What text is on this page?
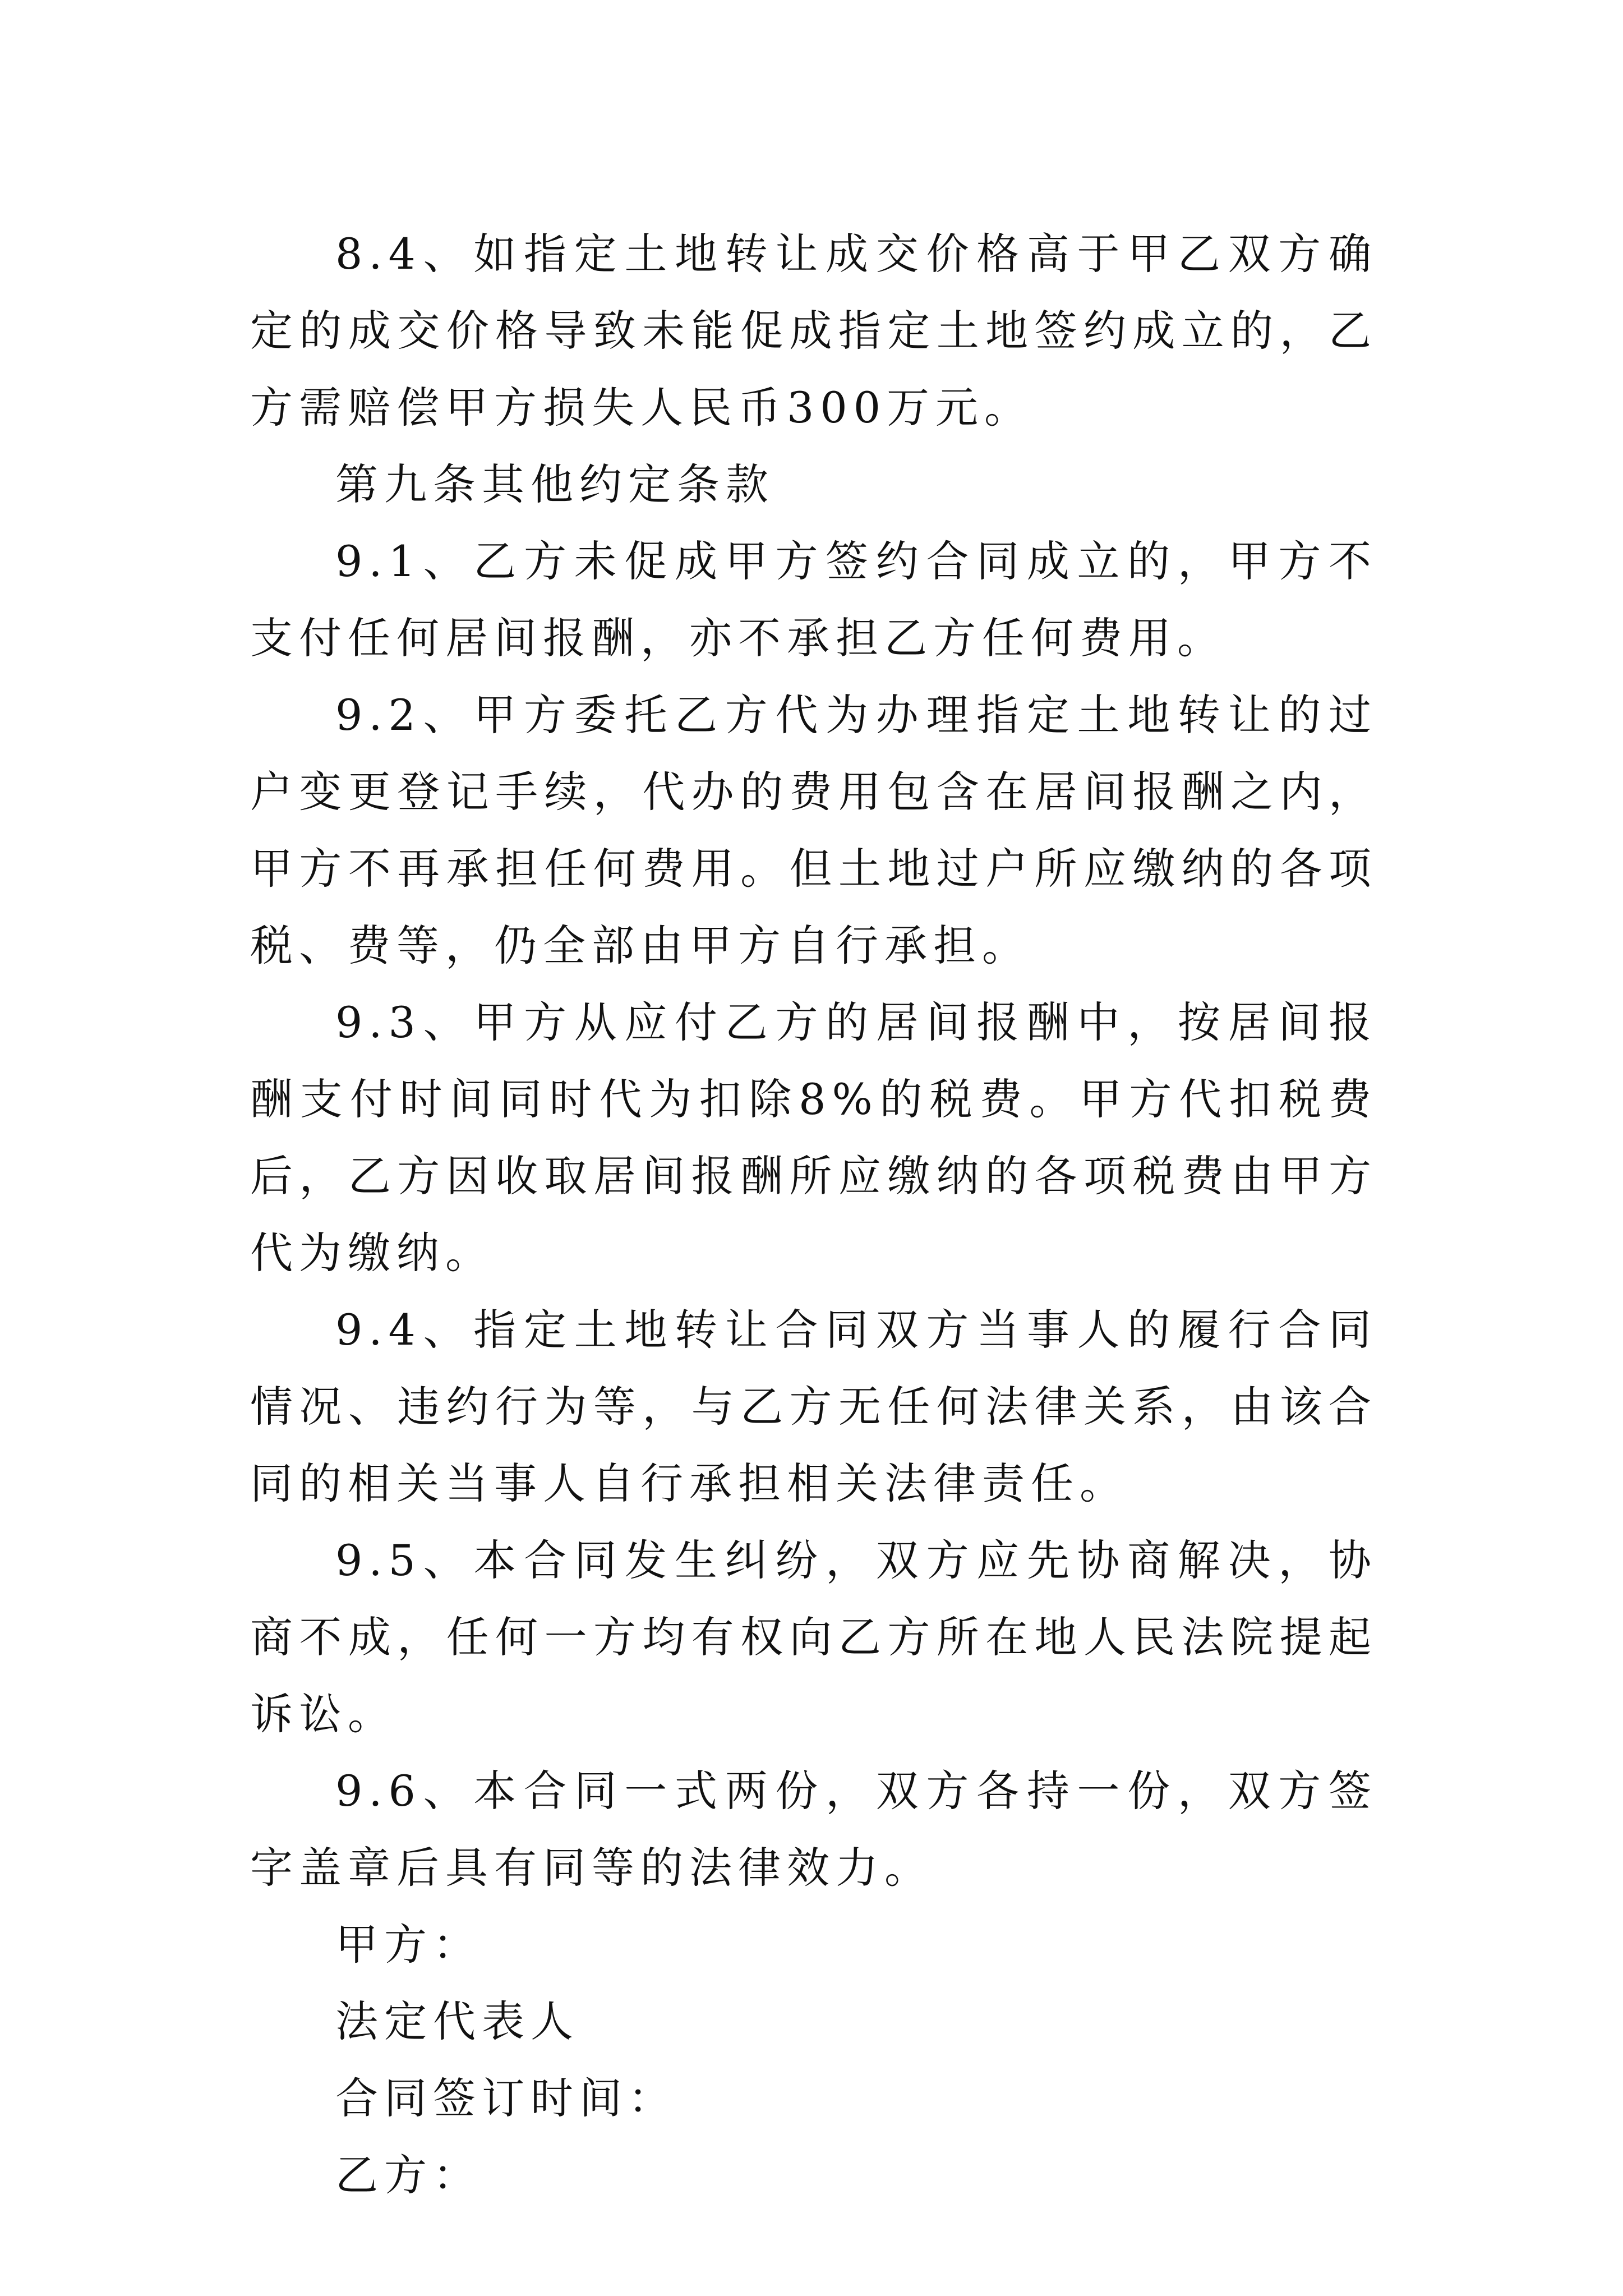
8.4、如指定土地转让成交价格高于甲乙双方确定的成交价格导致未能促成指定土地签约成立的，乙方需赔偿甲方损失人民币300万元。

第九条其他约定条款

9.1、乙方未促成甲方签约合同成立的，甲方不支付任何居间报酬，亦不承担乙方任何费用。

9.2、甲方委托乙方代为办理指定土地转让的过户变更登记手续，代办的费用包含在居间报酬之内，甲方不再承担任何费用。但土地过户所应缴纳的各项税、费等，仍全部由甲方自行承担。

9.3、甲方从应付乙方的居间报酬中，按居间报酬支付时间同时代为扣除8%的税费。甲方代扣税费后，乙方因收取居间报酬所应缴纳的各项税费由甲方代为缴纳。

9.4、指定土地转让合同双方当事人的履行合同情况、违约行为等，与乙方无任何法律关系，由该合同的相关当事人自行承担相关法律责任。

9.5、本合同发生纠纷，双方应先协商解决，协商不成，任何一方均有权向乙方所在地人民法院提起诉讼。

9.6、本合同一式两份，双方各持一份，双方签字盖章后具有同等的法律效力。

甲方：

法定代表人

合同签订时间：

乙方：
